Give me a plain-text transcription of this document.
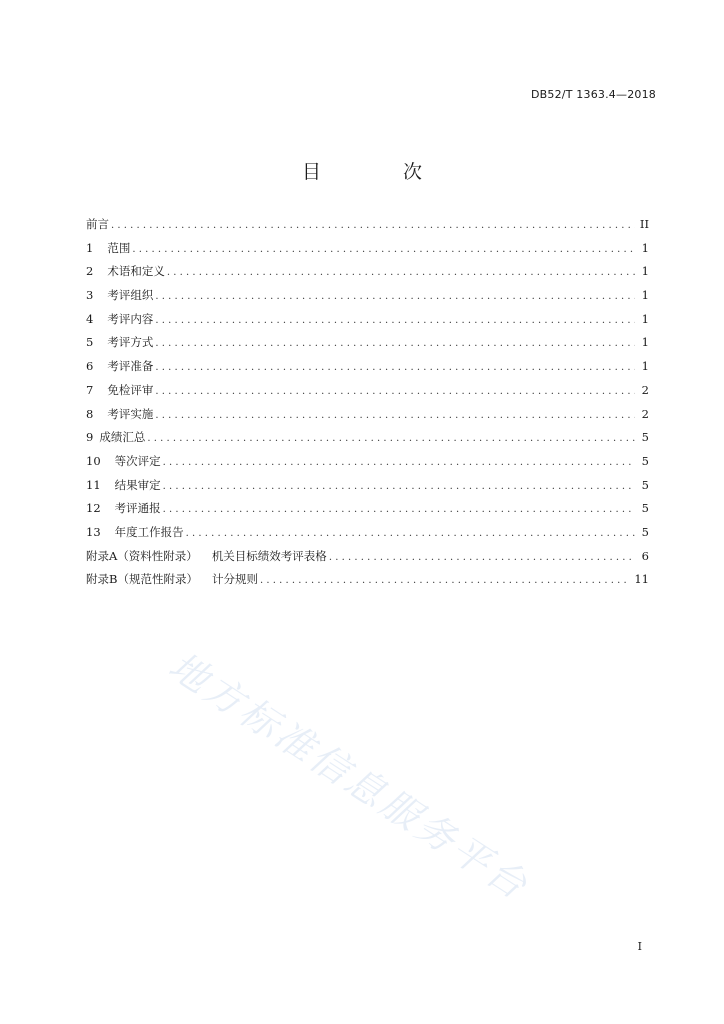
DB52/T 1363.4—2018
目 次
前言 .....	II
1 范围 .....	1
2 术语和定义 .....	1
3 考评组织 .....	1
4 考评内容 .....	1
5 考评方式 .....	1
6 考评准备 .....	1
7 免检评审 .....	2
8 考评实施 .....	2
9 成绩汇总 .....	5
10 等次评定 .....	5
11 结果审定 .....	5
12 考评通报 .....	5
13 年度工作报告 .....	5
附录A（资料性附录） 机关目标绩效考评表格 .....	6
附录B（规范性附录） 计分规则 .....	11
地方标准信息服务平台
I
